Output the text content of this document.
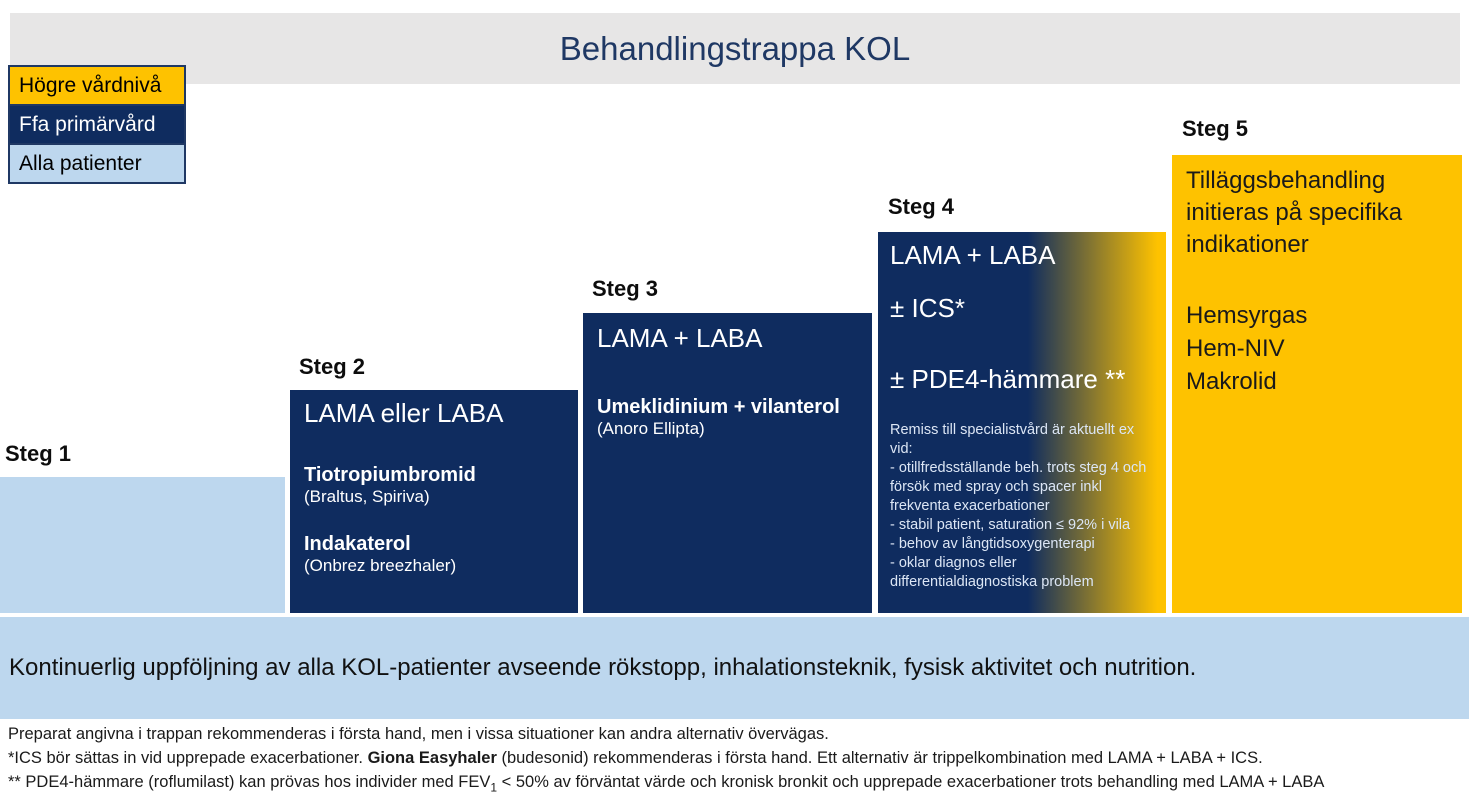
Behandlingstrappa KOL
Högre vårdnivå
Ffa primärvård
Alla patienter
Steg 1
Steg 2
Steg 3
Steg 4
Steg 5
LAMA eller LABA
Tiotropiumbromid
(Braltus, Spiriva)
Indakaterol
(Onbrez breezhaler)
LAMA + LABA
Umeklidinium + vilanterol
(Anoro Ellipta)
LAMA + LABA
± ICS*
± PDE4-hämmare **
Remiss till specialistvård är aktuellt ex vid:
- otillfredsställande beh. trots steg 4 och försök med spray och spacer inkl frekventa exacerbationer
- stabil patient, saturation ≤ 92% i vila
- behov av långtidsoxygenterapi
- oklar diagnos eller differentialdiagnostiska problem
Tilläggsbehandling initieras på specifika indikationer
Hemsyrgas
Hem-NIV
Makrolid
Kontinuerlig uppföljning av alla KOL-patienter avseende rökstopp, inhalationsteknik, fysisk aktivitet och nutrition.
Preparat angivna i trappan rekommenderas i första hand, men i vissa situationer kan andra alternativ övervägas.
*ICS bör sättas in vid upprepade exacerbationer. Giona Easyhaler (budesonid) rekommenderas i första hand. Ett alternativ är trippelkombination med LAMA + LABA + ICS.
** PDE4-hämmare (roflumilast) kan prövas hos individer med $FEV_1 < 50\%$ av förväntat värde och kronisk bronkit och upprepade exacerbationer trots behandling med LAMA + LABA
